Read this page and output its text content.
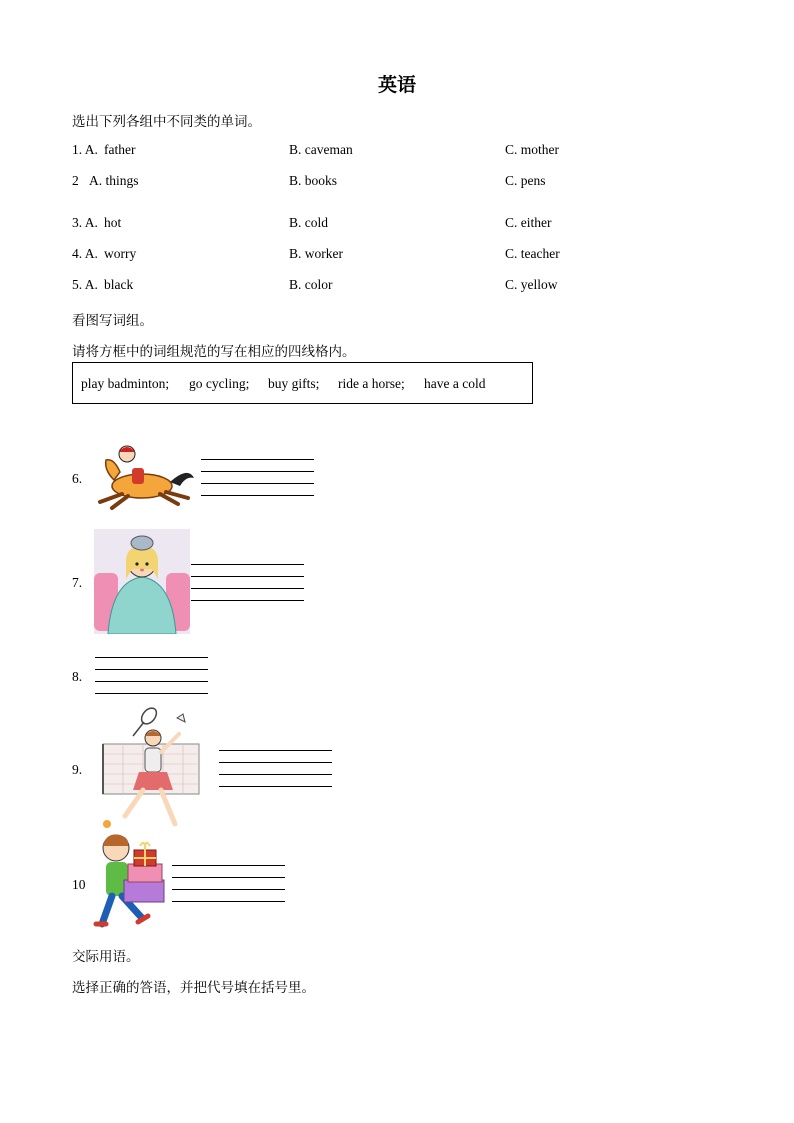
英语
选出下列各组中不同类的单词。
1. A. father	B. caveman	C. mother
2 A. things	B. books	C. pens
3. A. hot	B. cold	C. either
4. A. worry	B. worker	C. teacher
5. A. black	B. color	C. yellow
看图写词组。
请将方框中的词组规范的写在相应的四线格内。
play badminton; go cycling; buy gifts; ride a horse; have a cold
6.
7.
8.
9.
10
交际用语。
选择正确的答语，并把代号填在括号里。
